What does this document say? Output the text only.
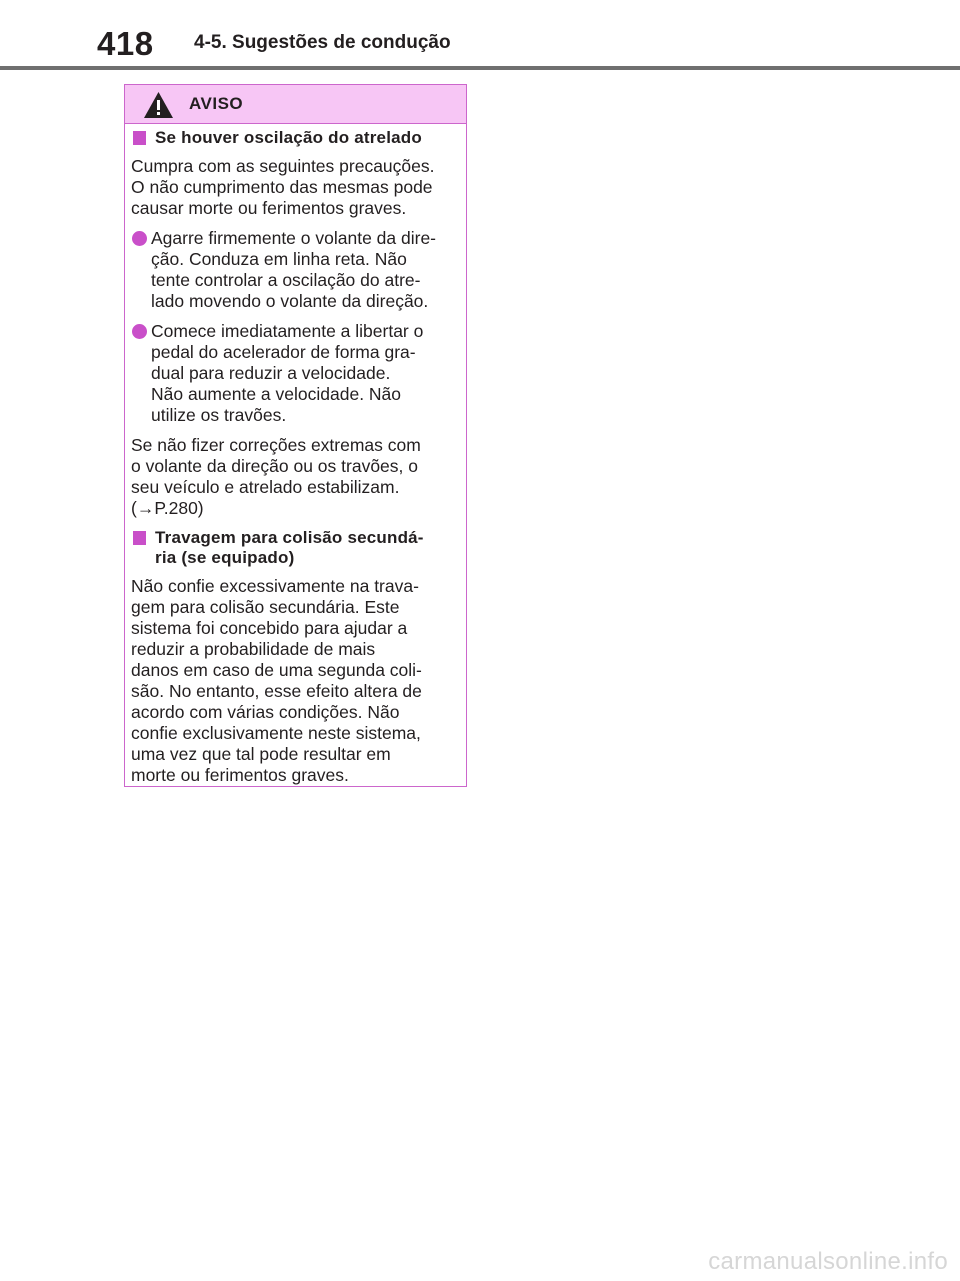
418 4-5. Sugestões de condução
AVISO
Se houver oscilação do atrelado
Cumpra com as seguintes precauções.
O não cumprimento das mesmas pode
causar morte ou ferimentos graves.
Agarre firmemente o volante da dire-
ção. Conduza em linha reta. Não
tente controlar a oscilação do atre-
lado movendo o volante da direção.
Comece imediatamente a libertar o
pedal do acelerador de forma gra-
dual para reduzir a velocidade.
Não aumente a velocidade. Não
utilize os travões.
Se não fizer correções extremas com
o volante da direção ou os travões, o
seu veículo e atrelado estabilizam.
(→P.280)
Travagem para colisão secundá-
ria (se equipado)
Não confie excessivamente na trava-
gem para colisão secundária. Este
sistema foi concebido para ajudar a
reduzir a probabilidade de mais
danos em caso de uma segunda coli-
são. No entanto, esse efeito altera de
acordo com várias condições. Não
confie exclusivamente neste sistema,
uma vez que tal pode resultar em
morte ou ferimentos graves.
carmanualsonline.info
